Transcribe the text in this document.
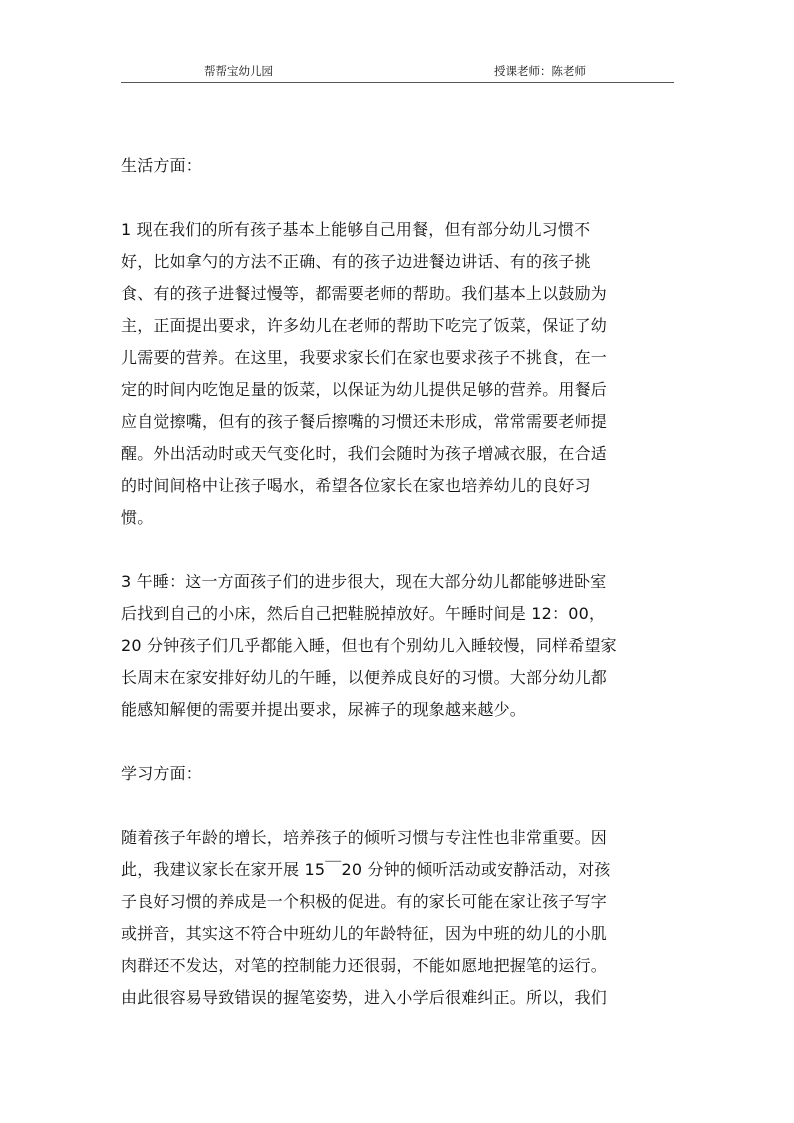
帮帮宝幼儿园	授课老师：陈老师

生活方面：

1 现在我们的所有孩子基本上能够自己用餐，但有部分幼儿习惯不
好，比如拿勺的方法不正确、有的孩子边进餐边讲话、有的孩子挑
食、有的孩子进餐过慢等，都需要老师的帮助。我们基本上以鼓励为
主，正面提出要求，许多幼儿在老师的帮助下吃完了饭菜，保证了幼
儿需要的营养。在这里，我要求家长们在家也要求孩子不挑食，在一
定的时间内吃饱足量的饭菜，以保证为幼儿提供足够的营养。用餐后
应自觉擦嘴，但有的孩子餐后擦嘴的习惯还未形成，常常需要老师提
醒。外出活动时或天气变化时，我们会随时为孩子增减衣服，在合适
的时间间格中让孩子喝水，希望各位家长在家也培养幼儿的良好习
惯。
3 午睡：这一方面孩子们的进步很大，现在大部分幼儿都能够进卧室
后找到自己的小床，然后自己把鞋脱掉放好。午睡时间是 12：00，
20 分钟孩子们几乎都能入睡，但也有个别幼儿入睡较慢，同样希望家
长周末在家安排好幼儿的午睡，以便养成良好的习惯。大部分幼儿都
能感知解便的需要并提出要求，尿裤子的现象越来越少。

学习方面：

随着孩子年龄的增长，培养孩子的倾听习惯与专注性也非常重要。因
此，我建议家长在家开展 15￣20 分钟的倾听活动或安静活动，对孩
子良好习惯的养成是一个积极的促进。有的家长可能在家让孩子写字
或拼音，其实这不符合中班幼儿的年龄特征，因为中班的幼儿的小肌
肉群还不发达，对笔的控制能力还很弱，不能如愿地把握笔的运行。
由此很容易导致错误的握笔姿势，进入小学后很难纠正。所以，我们
